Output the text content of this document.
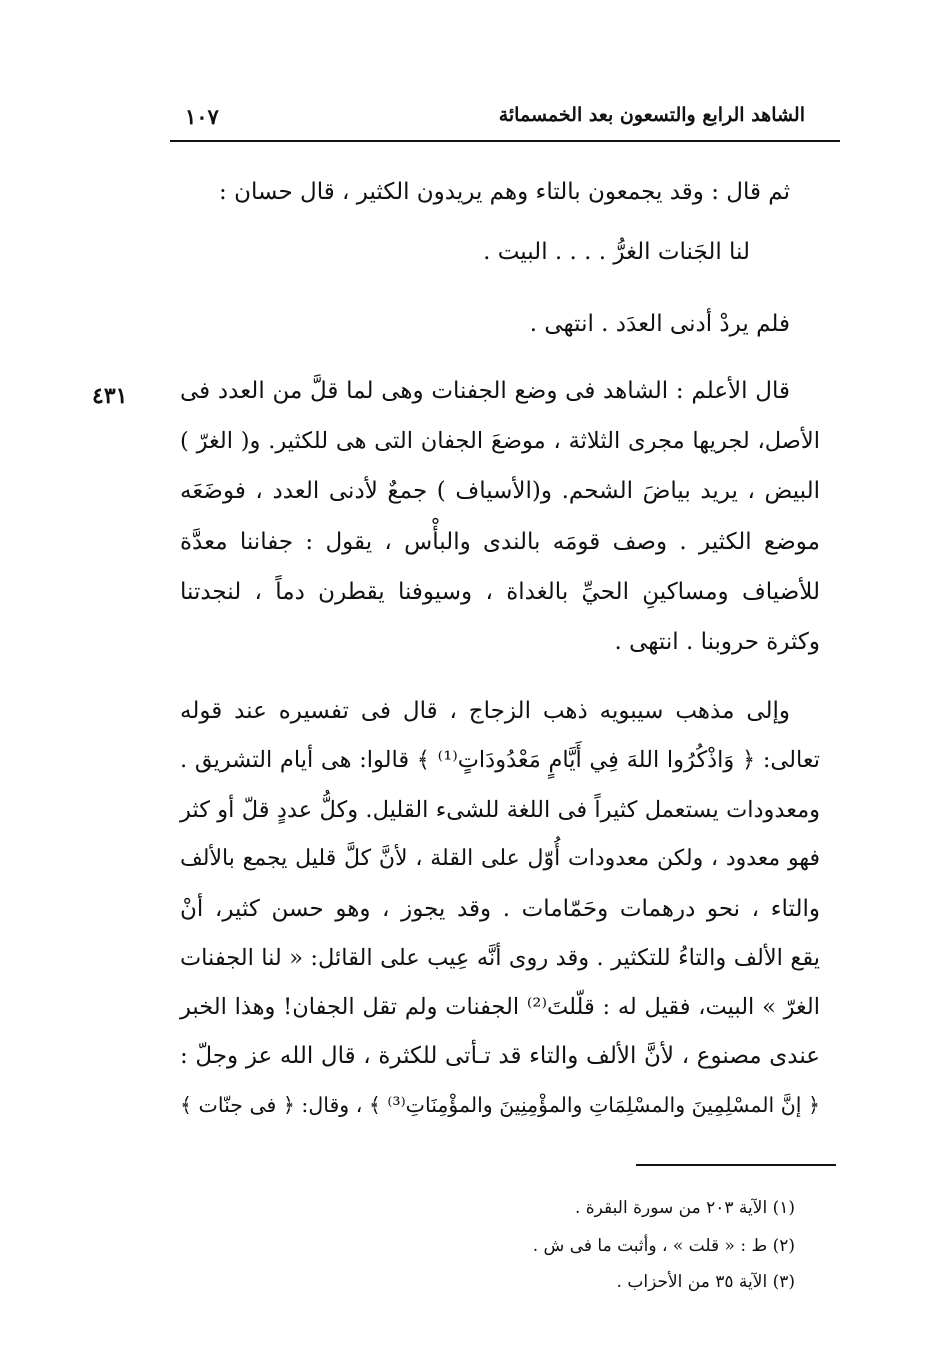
الشاهد الرابع والتسعون بعد الخمسمائة
١٠٧
ثم قال : وقد يجمعون بالتاء وهم يريدون الكثير ، قال حسان :
لنا الجَنات الغرُّ . . . . البيت .
فلم يردْ أدنى العدَد . انتهى .
٤٣١ قال الأعلم : الشاهد فى وضع الجفنات وهى لما قلَّ من العدد فى
الأصل، لجريها مجرى الثلاثة ، موضعَ الجفان التى هى للكثير. و( الغرّ )
البيض ، يريد بياضَ الشحم. و(الأسياف ) جمعٌ لأدنى العدد ، فوضَعَه
موضع الكثير . وصف قومَه بالندى والبأْس ، يقول : جفاننا معدَّة
للأضياف ومساكينِ الحيِّ بالغداة ، وسيوفنا يقطرن دماً ، لنجدتنا
وكثرة حروبنا . انتهى .
وإلى مذهب سيبويه ذهب الزجاج ، قال فى تفسيره عند قوله
تعالى: ﴿ وَاذْكُرُوا اللهَ فِي أَيَّامٍ مَعْدُودَاتٍ⁽¹⁾ ﴾ قالوا: هى أيام التشريق .
ومعدودات يستعمل كثيراً فى اللغة للشىء القليل. وكلُّ عددٍ قلّ أو كثر
فهو معدود ، ولكن معدودات أُوّل على القلة ، لأنَّ كلَّ قليل يجمع بالألف
والتاء ، نحو درهمات وحَمّامات . وقد يجوز ، وهو حسن كثير، أنْ
يقع الألف والتاءُ للتكثير . وقد روى أنَّه عِيب على القائل: « لنا الجفنات
الغرّ » البيت، فقيل له : قلّلتَ⁽²⁾ الجفنات ولم تقل الجفان! وهذا الخبر
عندى مصنوع ، لأنَّ الألف والتاء قد تـأتى للكثرة ، قال الله عز وجلّ :
﴿ إنَّ المسْلِمِينَ والمسْلِمَاتِ والمؤْمِنِينَ والمؤْمِنَاتِ⁽³⁾ ﴾ ، وقال: ﴿ فى جنّات ﴾
(١) الآية ٢٠٣ من سورة البقرة .
(٢) ط : « قلت » ، وأثبت ما فى ش .
(٣) الآية ٣٥ من الأحزاب .
